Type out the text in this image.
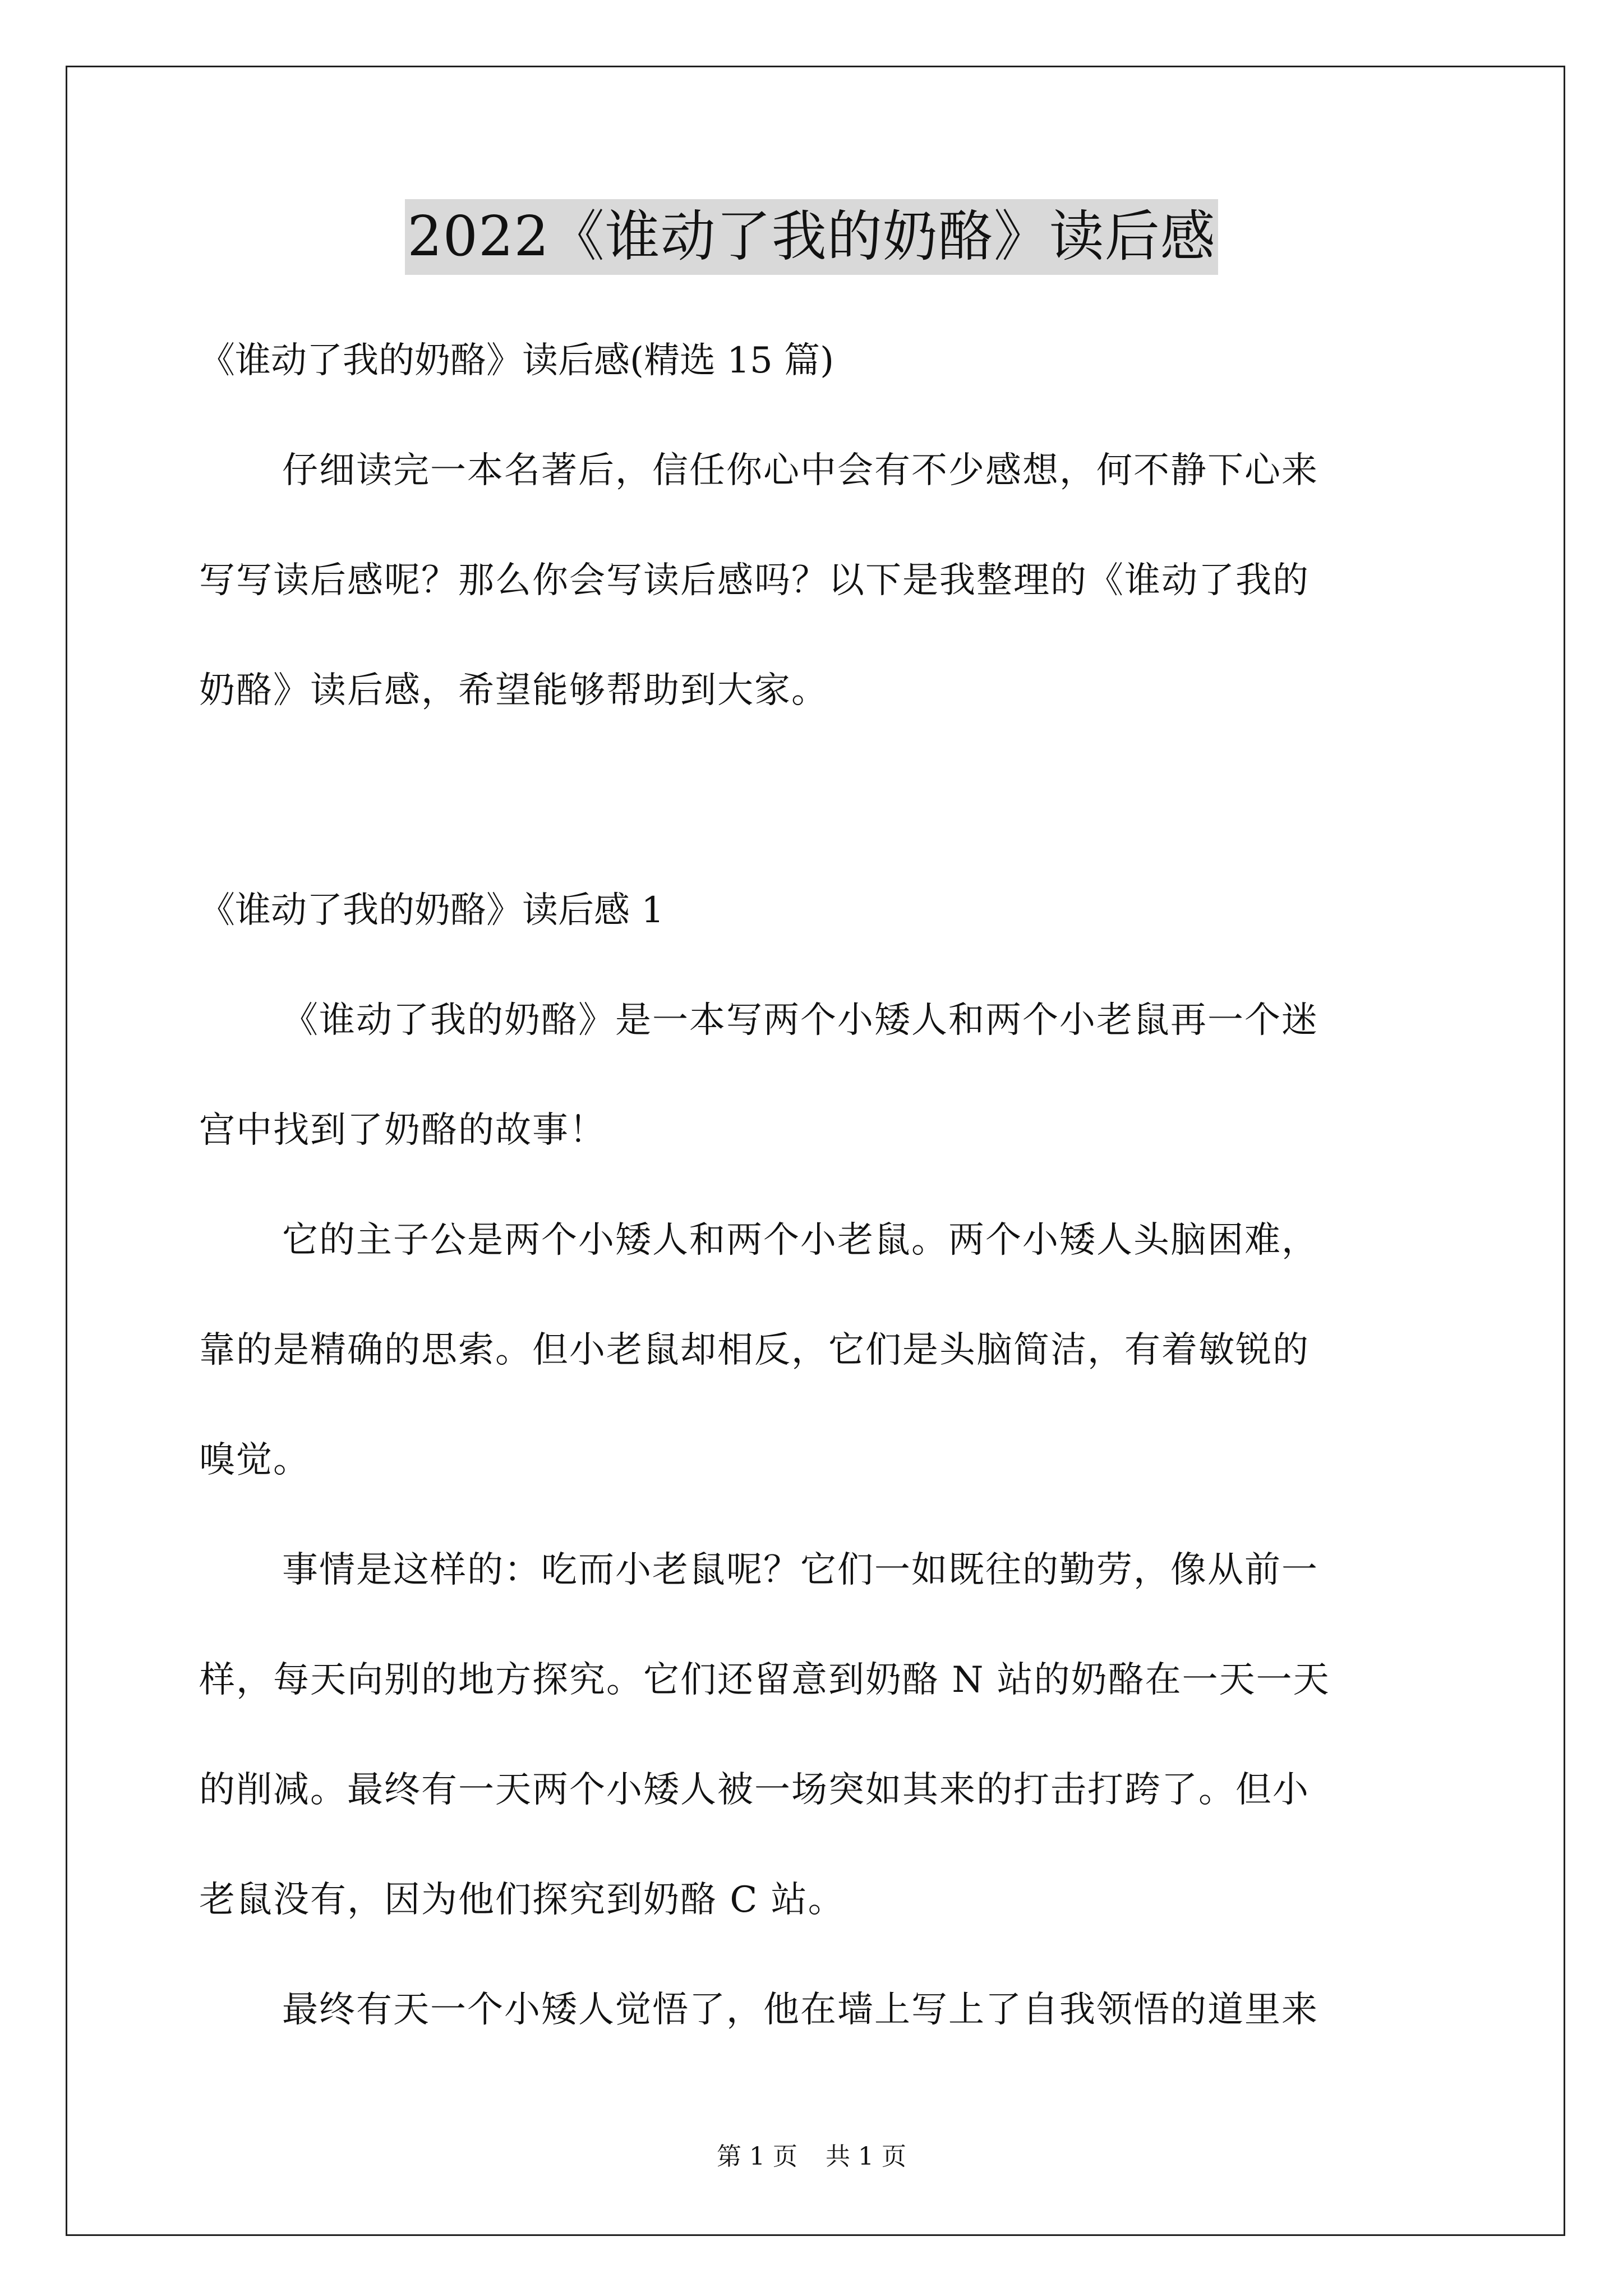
2022《谁动了我的奶酪》读后感
《谁动了我的奶酪》读后感(精选 15 篇)
仔细读完一本名著后，信任你心中会有不少感想，何不静下心来
写写读后感呢？那么你会写读后感吗？以下是我整理的《谁动了我的
奶酪》读后感，希望能够帮助到大家。
《谁动了我的奶酪》读后感 1
《谁动了我的奶酪》是一本写两个小矮人和两个小老鼠再一个迷
宫中找到了奶酪的故事！
它的主子公是两个小矮人和两个小老鼠。两个小矮人头脑困难，
靠的是精确的思索。但小老鼠却相反，它们是头脑简洁，有着敏锐的
嗅觉。
事情是这样的：吃而小老鼠呢？它们一如既往的勤劳，像从前一
样，每天向别的地方探究。它们还留意到奶酪 N 站的奶酪在一天一天
的削减。最终有一天两个小矮人被一场突如其来的打击打跨了。但小
老鼠没有，因为他们探究到奶酪 C 站。
最终有天一个小矮人觉悟了，他在墙上写上了自我领悟的道里来
第 1 页 共 1 页
